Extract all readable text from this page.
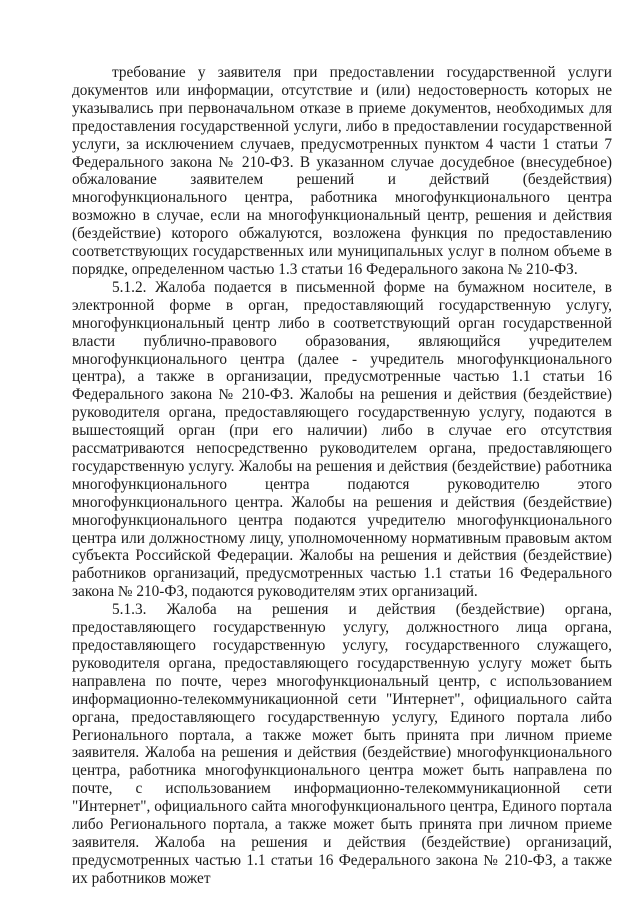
требование у заявителя при предоставлении государственной услуги документов или информации, отсутствие и (или) недостоверность которых не указывались при первоначальном отказе в приеме документов, необходимых для предоставления государственной услуги, либо в предоставлении государственной услуги, за исключением случаев, предусмотренных пунктом 4 части 1 статьи 7 Федерального закона № 210-ФЗ. В указанном случае досудебное (внесудебное) обжалование заявителем решений и действий (бездействия) многофункционального центра, работника многофункционального центра возможно в случае, если на многофункциональный центр, решения и действия (бездействие) которого обжалуются, возложена функция по предоставлению соответствующих государственных или муниципальных услуг в полном объеме в порядке, определенном частью 1.3 статьи 16 Федерального закона № 210-ФЗ.

5.1.2. Жалоба подается в письменной форме на бумажном носителе, в электронной форме в орган, предоставляющий государственную услугу, многофункциональный центр либо в соответствующий орган государственной власти публично-правового образования, являющийся учредителем многофункционального центра (далее - учредитель многофункционального центра), а также в организации, предусмотренные частью 1.1 статьи 16 Федерального закона № 210-ФЗ. Жалобы на решения и действия (бездействие) руководителя органа, предоставляющего государственную услугу, подаются в вышестоящий орган (при его наличии) либо в случае его отсутствия рассматриваются непосредственно руководителем органа, предоставляющего государственную услугу. Жалобы на решения и действия (бездействие) работника многофункционального центра подаются руководителю этого многофункционального центра. Жалобы на решения и действия (бездействие) многофункционального центра подаются учредителю многофункционального центра или должностному лицу, уполномоченному нормативным правовым актом субъекта Российской Федерации. Жалобы на решения и действия (бездействие) работников организаций, предусмотренных частью 1.1 статьи 16 Федерального закона № 210-ФЗ, подаются руководителям этих организаций.

5.1.3. Жалоба на решения и действия (бездействие) органа, предоставляющего государственную услугу, должностного лица органа, предоставляющего государственную услугу, государственного служащего, руководителя органа, предоставляющего государственную услугу может быть направлена по почте, через многофункциональный центр, с использованием информационно-телекоммуникационной сети "Интернет", официального сайта органа, предоставляющего государственную услугу, Единого портала либо Регионального портала, а также может быть принята при личном приеме заявителя. Жалоба на решения и действия (бездействие) многофункционального центра, работника многофункционального центра может быть направлена по почте, с использованием информационно-телекоммуникационной сети "Интернет", официального сайта многофункционального центра, Единого портала либо Регионального портала, а также может быть принята при личном приеме заявителя. Жалоба на решения и действия (бездействие) организаций, предусмотренных частью 1.1 статьи 16 Федерального закона № 210-ФЗ, а также их работников может
